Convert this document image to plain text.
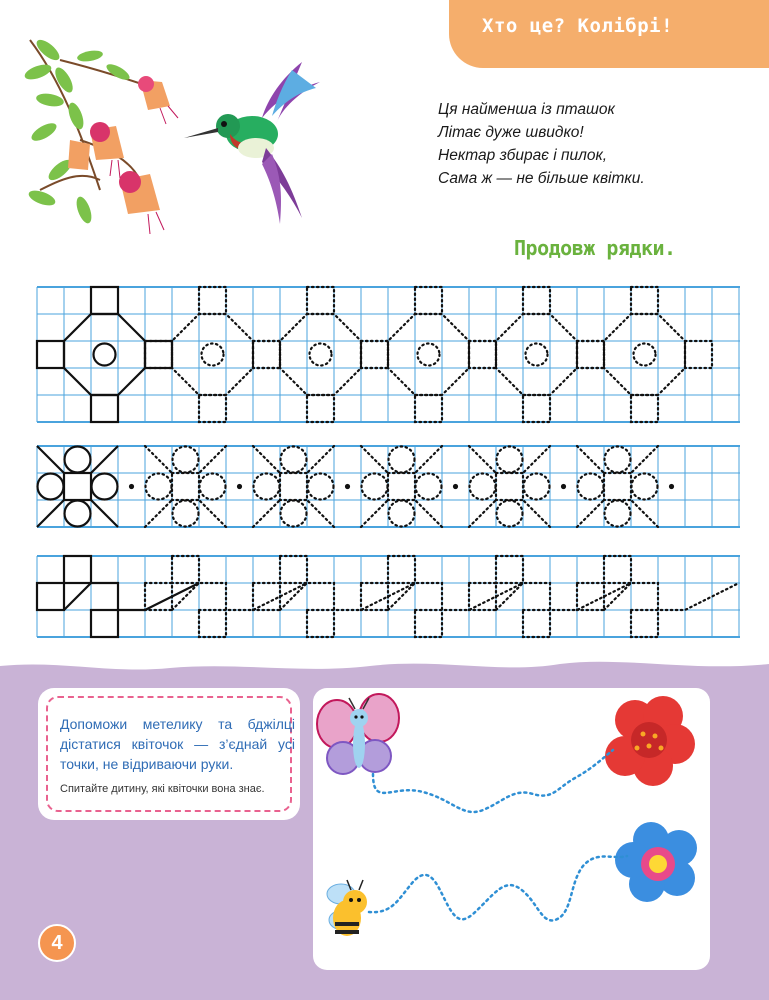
Хто це? Колібрі!
Ця найменша із пташок
Літає дуже швидко!
Нектар збирає і пилок,
Сама ж — не більше квітки.
Продовж рядки.
Допоможи метелику та бджілці дістатися квіточок — з’єднай усі точки, не відриваючи руки.
Спитайте дитину, які квіточки вона знає.
4
